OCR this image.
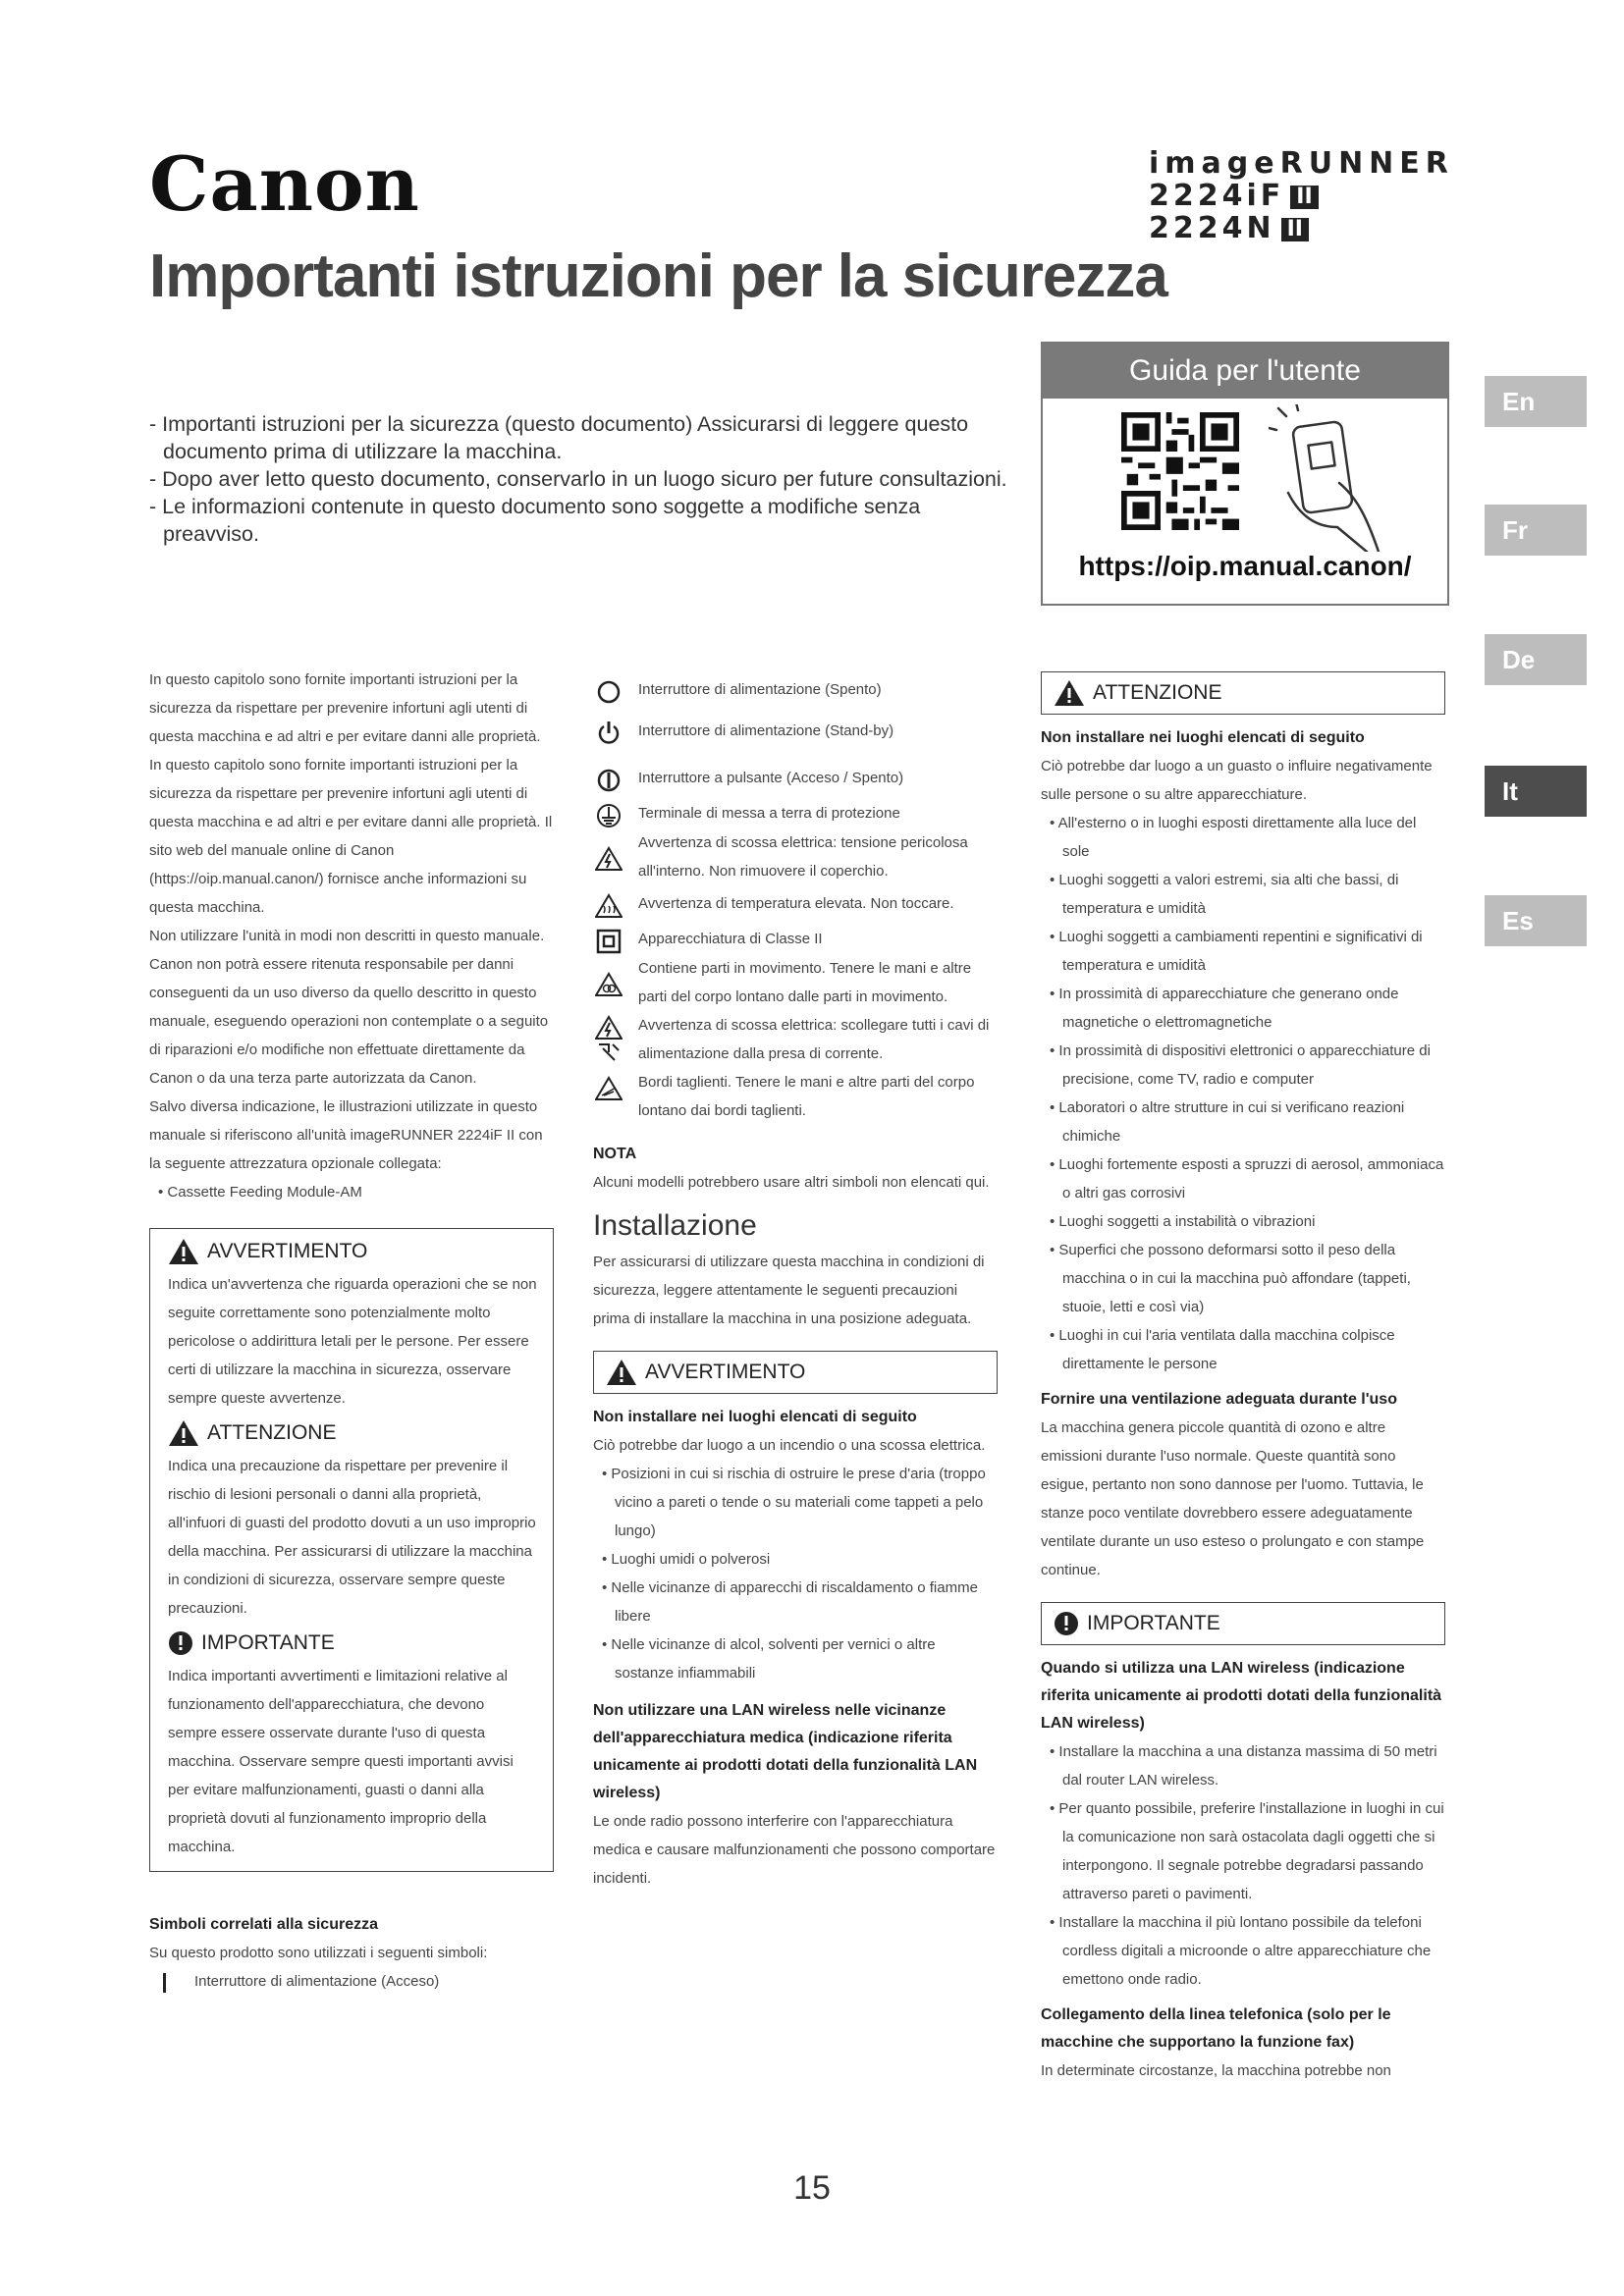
Canon	imageRUNNER
2224iF II
2224N II
Importanti istruzioni per la sicurezza
- Importanti istruzioni per la sicurezza (questo documento) Assicurarsi di leggere questo documento prima di utilizzare la macchina.
- Dopo aver letto questo documento, conservarlo in un luogo sicuro per future consultazioni.
- Le informazioni contenute in questo documento sono soggette a modifiche senza preavviso.
Guida per l'utente
https://oip.manual.canon/
En
Fr
De
It
Es

In questo capitolo sono fornite importanti istruzioni per la sicurezza da rispettare per prevenire infortuni agli utenti di questa macchina e ad altri e per evitare danni alle proprietà. In questo capitolo sono fornite importanti istruzioni per la sicurezza da rispettare per prevenire infortuni agli utenti di questa macchina e ad altri e per evitare danni alle proprietà. Il sito web del manuale online di Canon (https://oip.manual.canon/) fornisce anche informazioni su questa macchina.

Non utilizzare l'unità in modi non descritti in questo manuale. Canon non potrà essere ritenuta responsabile per danni conseguenti da un uso diverso da quello descritto in questo manuale, eseguendo operazioni non contemplate o a seguito di riparazioni e/o modifiche non effettuate direttamente da Canon o da una terza parte autorizzata da Canon.

Salvo diversa indicazione, le illustrazioni utilizzate in questo manuale si riferiscono all'unità imageRUNNER 2224iF II con la seguente attrezzatura opzionale collegata:

• Cassette Feeding Module-AM

AVVERTIMENTO

Indica un'avvertenza che riguarda operazioni che se non seguite correttamente sono potenzialmente molto pericolose o addirittura letali per le persone. Per essere certi di utilizzare la macchina in sicurezza, osservare sempre queste avvertenze.

ATTENZIONE

Indica una precauzione da rispettare per prevenire il rischio di lesioni personali o danni alla proprietà, all'infuori di guasti del prodotto dovuti a un uso improprio della macchina. Per assicurarsi di utilizzare la macchina in condizioni di sicurezza, osservare sempre queste precauzioni.

IMPORTANTE

Indica importanti avvertimenti e limitazioni relative al funzionamento dell'apparecchiatura, che devono sempre essere osservate durante l'uso di questa macchina. Osservare sempre questi importanti avvisi per evitare malfunzionamenti, guasti o danni alla proprietà dovuti al funzionamento improprio della macchina.

Simboli correlati alla sicurezza

Su questo prodotto sono utilizzati i seguenti simboli:

Interruttore di alimentazione (Acceso)
Interruttore di alimentazione (Spento)
Interruttore di alimentazione (Stand-by)
Interruttore a pulsante (Acceso / Spento)
Terminale di messa a terra di protezione
Avvertenza di scossa elettrica: tensione pericolosa all'interno. Non rimuovere il coperchio.
Avvertenza di temperatura elevata. Non toccare.
Apparecchiatura di Classe II
Contiene parti in movimento. Tenere le mani e altre parti del corpo lontano dalle parti in movimento.
Avvertenza di scossa elettrica: scollegare tutti i cavi di alimentazione dalla presa di corrente.
Bordi taglienti. Tenere le mani e altre parti del corpo lontano dai bordi taglienti.

NOTA

Alcuni modelli potrebbero usare altri simboli non elencati qui.

Installazione

Per assicurarsi di utilizzare questa macchina in condizioni di sicurezza, leggere attentamente le seguenti precauzioni prima di installare la macchina in una posizione adeguata.

AVVERTIMENTO

Non installare nei luoghi elencati di seguito

Ciò potrebbe dar luogo a un incendio o una scossa elettrica.

• Posizioni in cui si rischia di ostruire le prese d'aria (troppo vicino a pareti o tende o su materiali come tappeti a pelo lungo)

• Luoghi umidi o polverosi

• Nelle vicinanze di apparecchi di riscaldamento o fiamme libere

• Nelle vicinanze di alcol, solventi per vernici o altre sostanze infiammabili

Non utilizzare una LAN wireless nelle vicinanze dell'apparecchiatura medica (indicazione riferita unicamente ai prodotti dotati della funzionalità LAN wireless)

Le onde radio possono interferire con l'apparecchiatura medica e causare malfunzionamenti che possono comportare incidenti.

ATTENZIONE

Non installare nei luoghi elencati di seguito

Ciò potrebbe dar luogo a un guasto o influire negativamente sulle persone o su altre apparecchiature.

• All'esterno o in luoghi esposti direttamente alla luce del sole

• Luoghi soggetti a valori estremi, sia alti che bassi, di temperatura e umidità

• Luoghi soggetti a cambiamenti repentini e significativi di temperatura e umidità

• In prossimità di apparecchiature che generano onde magnetiche o elettromagnetiche

• In prossimità di dispositivi elettronici o apparecchiature di precisione, come TV, radio e computer

• Laboratori o altre strutture in cui si verificano reazioni chimiche

• Luoghi fortemente esposti a spruzzi di aerosol, ammoniaca o altri gas corrosivi

• Luoghi soggetti a instabilità o vibrazioni

• Superfici che possono deformarsi sotto il peso della macchina o in cui la macchina può affondare (tappeti, stuoie, letti e così via)

• Luoghi in cui l'aria ventilata dalla macchina colpisce direttamente le persone

Fornire una ventilazione adeguata durante l'uso

La macchina genera piccole quantità di ozono e altre emissioni durante l'uso normale. Queste quantità sono esigue, pertanto non sono dannose per l'uomo. Tuttavia, le stanze poco ventilate dovrebbero essere adeguatamente ventilate durante un uso esteso o prolungato e con stampe continue.

IMPORTANTE

Quando si utilizza una LAN wireless (indicazione riferita unicamente ai prodotti dotati della funzionalità LAN wireless)

• Installare la macchina a una distanza massima di 50 metri dal router LAN wireless.

• Per quanto possibile, preferire l'installazione in luoghi in cui la comunicazione non sarà ostacolata dagli oggetti che si interpongono. Il segnale potrebbe degradarsi passando attraverso pareti o pavimenti.

• Installare la macchina il più lontano possibile da telefoni cordless digitali a microonde o altre apparecchiature che emettono onde radio.

Collegamento della linea telefonica (solo per le macchine che supportano la funzione fax)

In determinate circostanze, la macchina potrebbe non

15
